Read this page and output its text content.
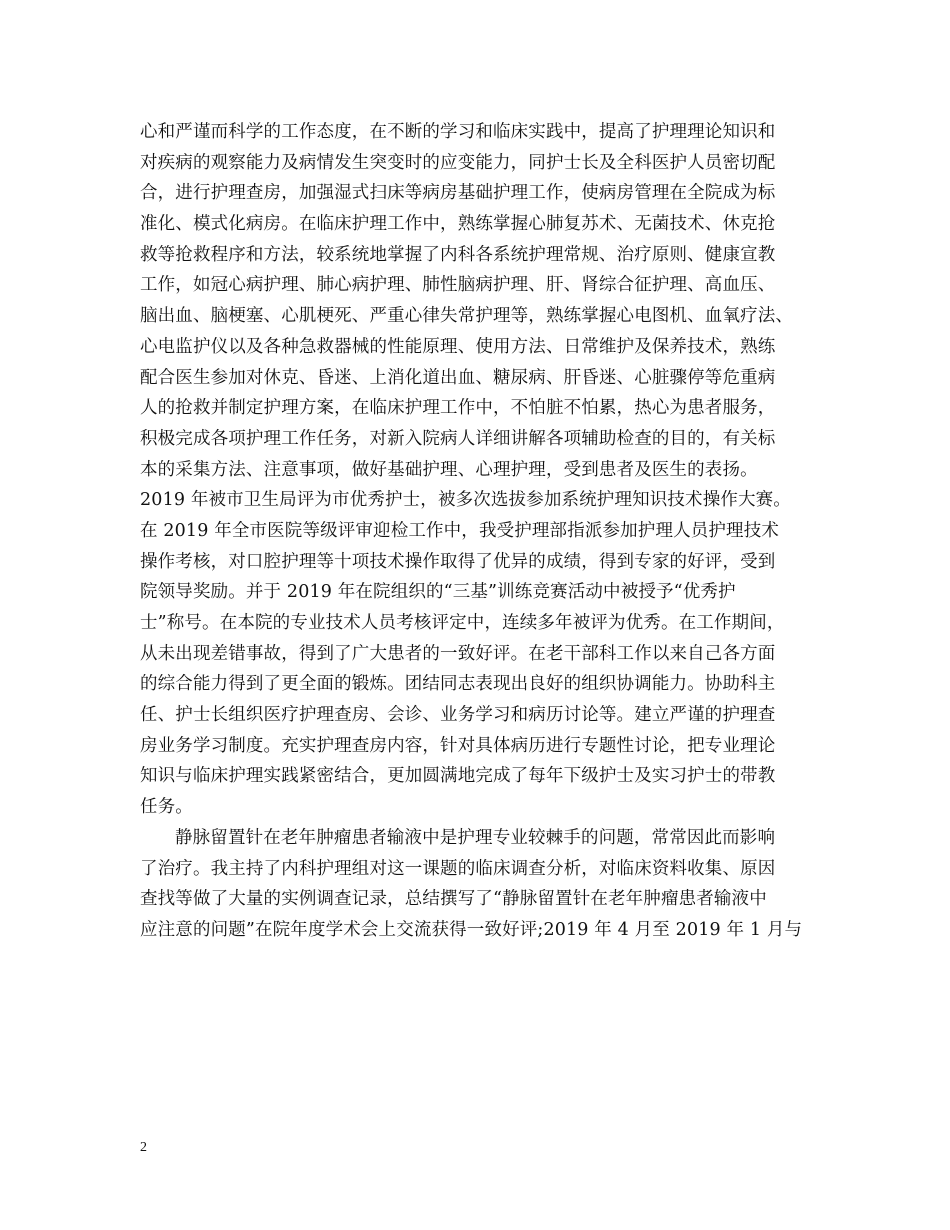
心和严谨而科学的工作态度，在不断的学习和临床实践中，提高了护理理论知识和
对疾病的观察能力及病情发生突变时的应变能力，同护士长及全科医护人员密切配
合，进行护理查房，加强湿式扫床等病房基础护理工作，使病房管理在全院成为标
准化、模式化病房。在临床护理工作中，熟练掌握心肺复苏术、无菌技术、休克抢
救等抢救程序和方法，较系统地掌握了内科各系统护理常规、治疗原则、健康宣教
工作，如冠心病护理、肺心病护理、肺性脑病护理、肝、肾综合征护理、高血压、
脑出血、脑梗塞、心肌梗死、严重心律失常护理等，熟练掌握心电图机、血氧疗法、
心电监护仪以及各种急救器械的性能原理、使用方法、日常维护及保养技术，熟练
配合医生参加对休克、昏迷、上消化道出血、糖尿病、肝昏迷、心脏骤停等危重病
人的抢救并制定护理方案，在临床护理工作中，不怕脏不怕累，热心为患者服务，
积极完成各项护理工作任务，对新入院病人详细讲解各项辅助检查的目的，有关标
本的采集方法、注意事项，做好基础护理、心理护理，受到患者及医生的表扬。
2019 年被市卫生局评为市优秀护士，被多次选拔参加系统护理知识技术操作大赛。
在 2019 年全市医院等级评审迎检工作中，我受护理部指派参加护理人员护理技术
操作考核，对口腔护理等十项技术操作取得了优异的成绩，得到专家的好评，受到
院领导奖励。并于 2019 年在院组织的“三基”训练竞赛活动中被授予“优秀护
士”称号。在本院的专业技术人员考核评定中，连续多年被评为优秀。在工作期间，
从未出现差错事故，得到了广大患者的一致好评。在老干部科工作以来自己各方面
的综合能力得到了更全面的锻炼。团结同志表现出良好的组织协调能力。协助科主
任、护士长组织医疗护理查房、会诊、业务学习和病历讨论等。建立严谨的护理查
房业务学习制度。充实护理查房内容，针对具体病历进行专题性讨论，把专业理论
知识与临床护理实践紧密结合，更加圆满地完成了每年下级护士及实习护士的带教
任务。
静脉留置针在老年肿瘤患者输液中是护理专业较棘手的问题，常常因此而影响
了治疗。我主持了内科护理组对这一课题的临床调查分析，对临床资料收集、原因
查找等做了大量的实例调查记录，总结撰写了“静脉留置针在老年肿瘤患者输液中
应注意的问题”在院年度学术会上交流获得一致好评;2019 年 4 月至 2019 年 1 月与
2
